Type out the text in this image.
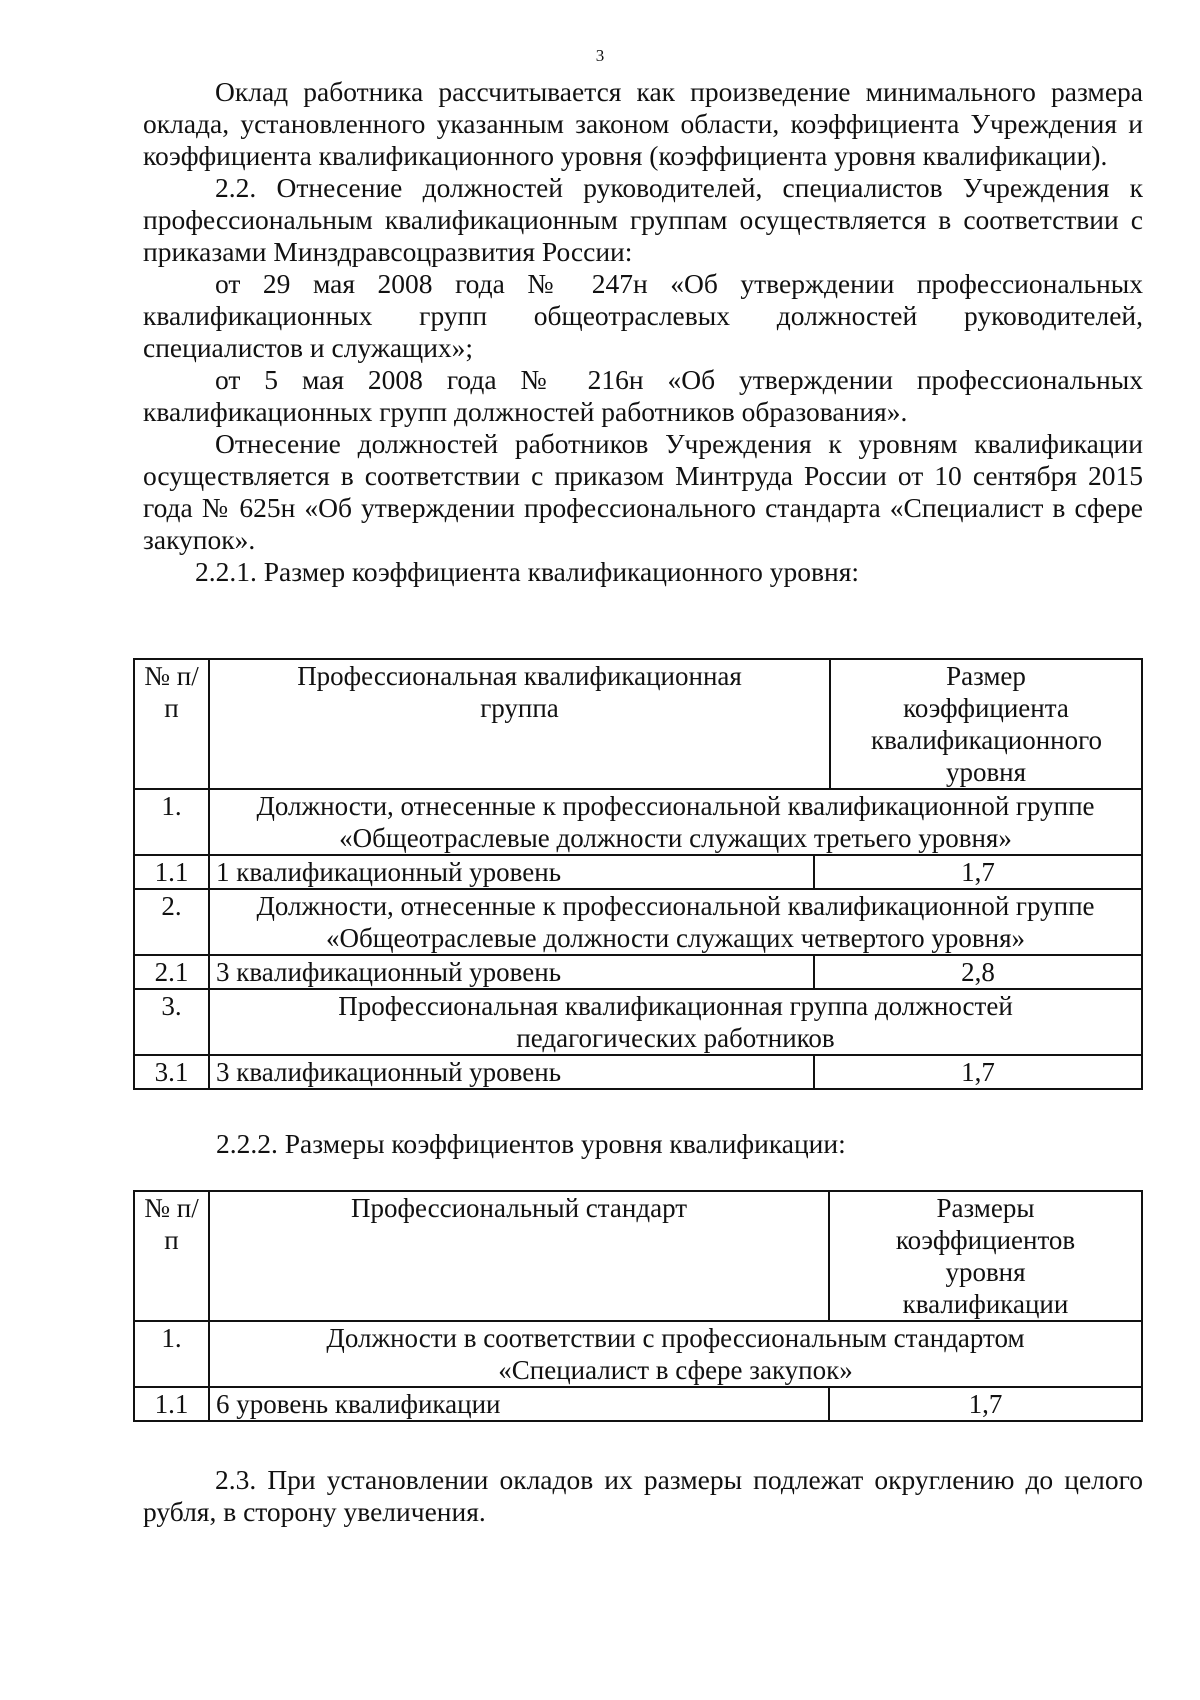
3

Оклад работника рассчитывается как произведение минимального размера оклада, установленного указанным законом области, коэффициента Учреждения и коэффициента квалификационного уровня (коэффициента уровня квалификации).

2.2. Отнесение должностей руководителей, специалистов Учреждения к профессиональным квалификационным группам осуществляется в соответствии с приказами Минздравсоцразвития России:

от 29 мая 2008 года № 247н «Об утверждении профессиональных квалификационных групп общеотраслевых должностей руководителей, специалистов и служащих»;

от 5 мая 2008 года № 216н «Об утверждении профессиональных квалификационных групп должностей работников образования».

Отнесение должностей работников Учреждения к уровням квалификации осуществляется в соответствии с приказом Минтруда России от 10 сентября 2015 года № 625н «Об утверждении профессионального стандарта «Специалист в сфере закупок».

2.2.1. Размер коэффициента квалификационного уровня:

№ п/п	Профессиональная квалификационная группа		Размер коэффициента квалификационного уровня
1.	Должности, отнесенные к профессиональной квалификационной группе «Общеотраслевые должности служащих третьего уровня»		
1.1	1 квалификационный уровень	1,7	
2.	Должности, отнесенные к профессиональной квалификационной группе «Общеотраслевые должности служащих четвертого уровня»		
2.1	3 квалификационный уровень	2,8	
3.	Профессиональная квалификационная группа должностей педагогических работников		
3.1	3 квалификационный уровень	1,7	
2.2.2. Размеры коэффициентов уровня квалификации:
№ п/п	Профессиональный стандарт	Размеры коэффициентов уровня квалификации
1.	Должности в соответствии с профессиональным стандартом «Специалист в сфере закупок»	
1.1	6 уровень квалификации	1,7

2.3. При установлении окладов их размеры подлежат округлению до целого рубля, в сторону увеличения.
